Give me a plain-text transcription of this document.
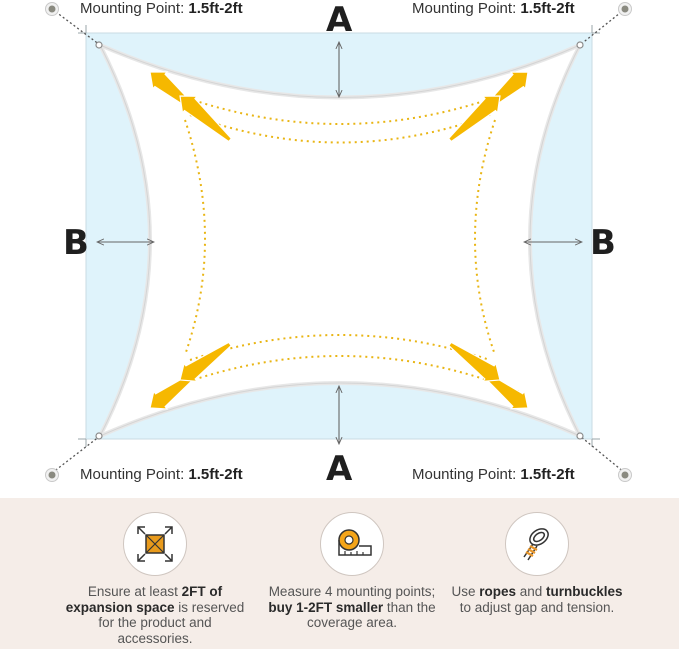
Mounting Point: 1.5ft-2ft	Mounting Point: 1.5ft-2ft
Mounting Point: 1.5ft-2ft	Mounting Point: 1.5ft-2ft
A
A
B	B
Ensure at least 2FT of expansion space is reserved for the product and accessories.
Measure 4 mounting points; buy 1-2FT smaller than the coverage area.
Use ropes and turnbuckles to adjust gap and tension.
